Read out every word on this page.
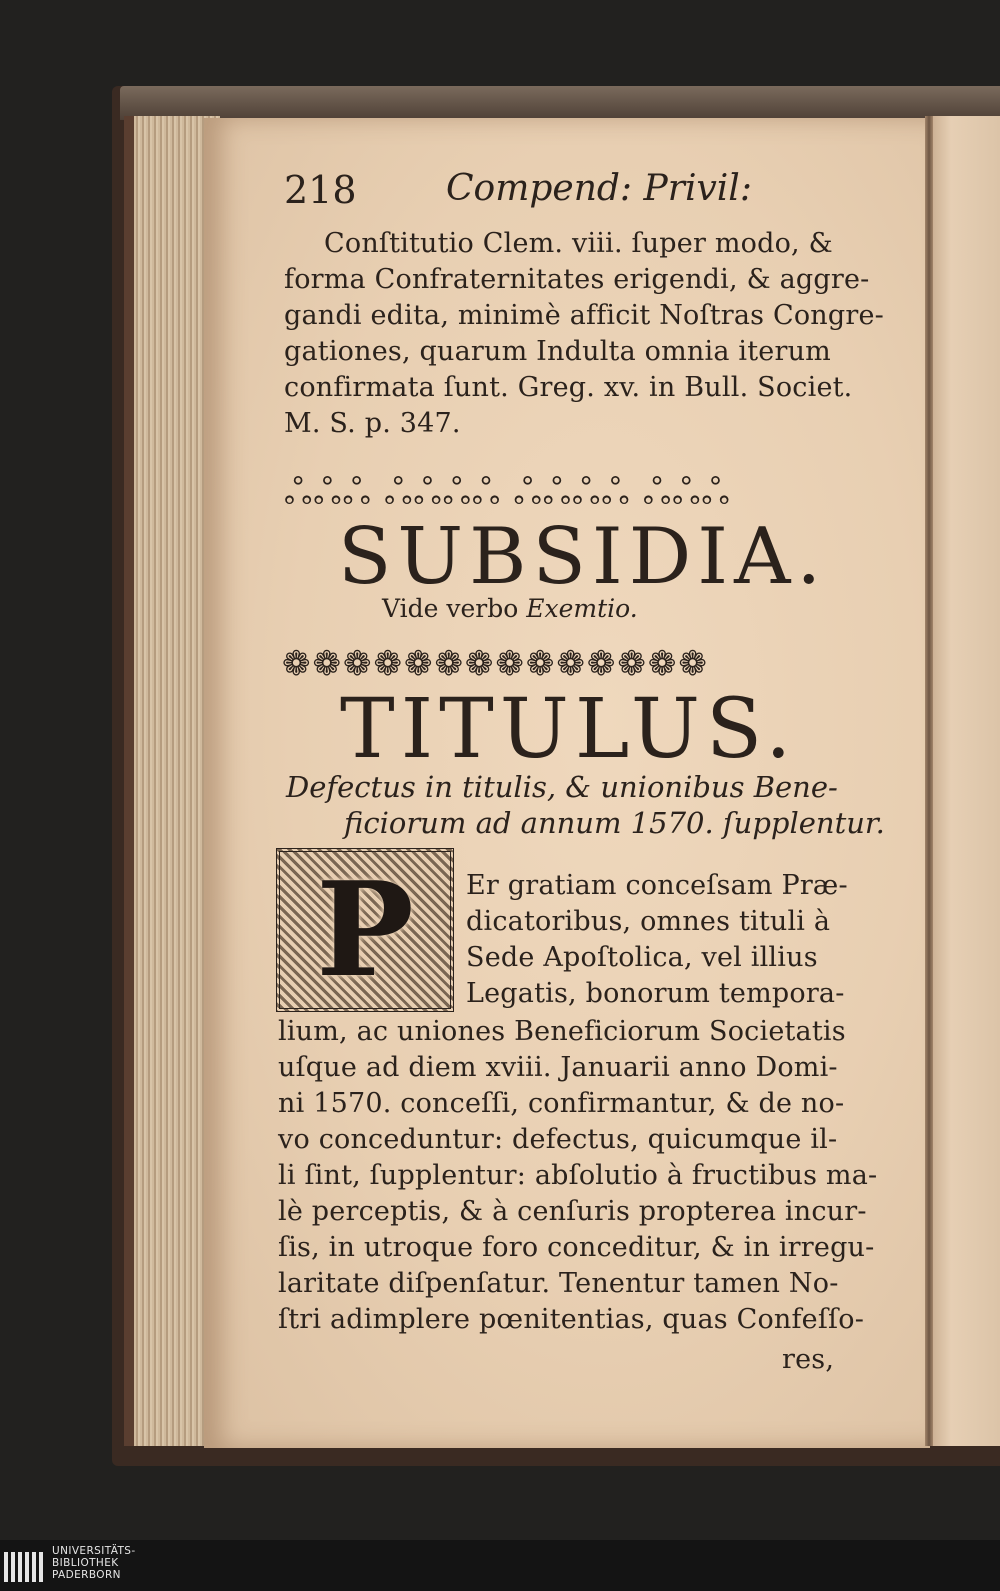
218 Compend: Privil:
Conſtitutio Clem. viii. ſuper modo, &
forma Confraternitates erigendi, & aggre-
gandi edita, minimè afficit Noſtras Congre-
gationes, quarum Indulta omnia iterum
confirmata ſunt. Greg. xv. in Bull. Societ.
M. S. p. 347.
ஃஃஃ ஃஃஃஃ ஃஃஃஃ ஃஃஃ
SUBSIDIA.
Vide verbo Exemtio.
❁❁❁❁❁❁❁❁❁❁❁❁❁❁
TITULUS.
Defectus in titulis, & unionibus Bene-
ficiorum ad annum 1570. ſupplentur.
P	Er gratiam conceſsam Præ-
dicatoribus, omnes tituli à
Sede Apoſtolica, vel illius
Legatis, bonorum tempora-
lium, ac uniones Beneficiorum Societatis
uſque ad diem xviii. Januarii anno Domi-
ni 1570. conceſſi, confirmantur, & de no-
vo conceduntur: defectus, quicumque il-
li ſint, ſupplentur: abſolutio à fructibus ma-
lè perceptis, & à cenſuris propterea incur-
ſis, in utroque foro conceditur, & in irregu-
laritate diſpenſatur. Tenentur tamen No-
ſtri adimplere pœnitentias, quas Confeſſo-
res,
UNIVERSITÄTS-
BIBLIOTHEK
PADERBORN
